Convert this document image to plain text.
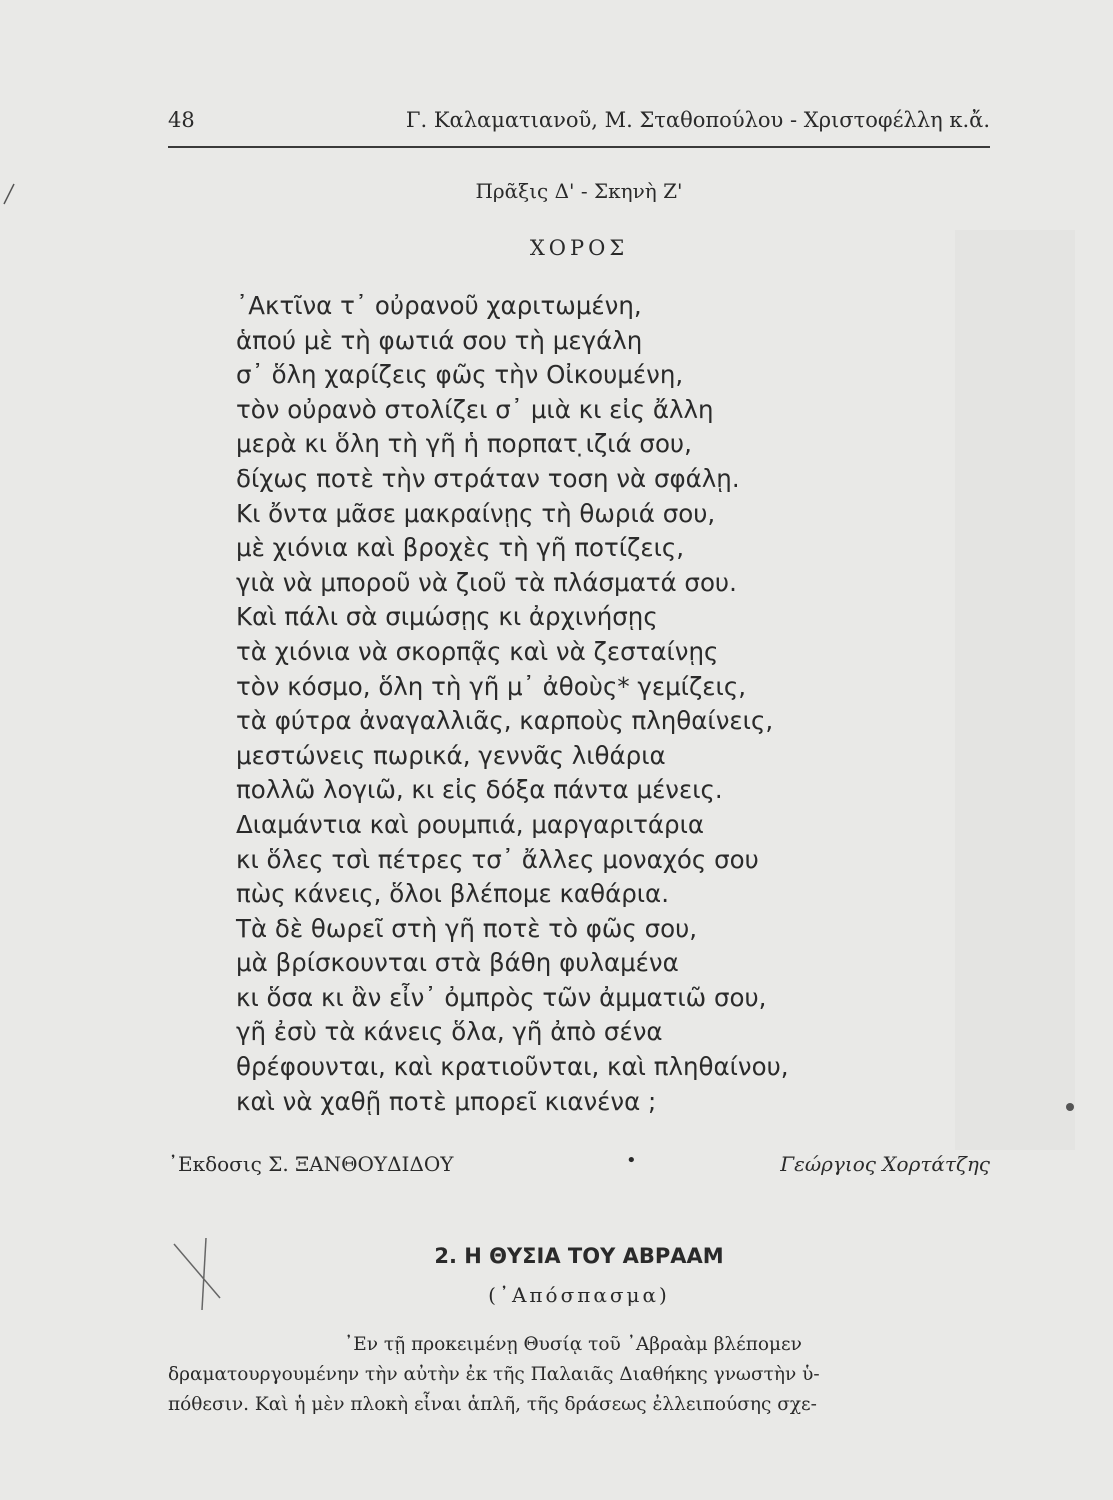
48	Γ. Καλαματιανοῦ, Μ. Σταθοπούλου - Χριστοφέλλη κ.ἄ.
Πρᾶξις Δ' - Σκηνὴ Ζ'
ΧΟΡΟΣ
᾿Ακτῖνα τ᾿ οὐρανοῦ χαριτωμένη,
ἁπού μὲ τὴ φωτιά σου τὴ μεγάλη
σ᾿ ὅλη χαρίζεις φῶς τὴν Οἰκουμένη,
τὸν οὐρανὸ στολίζει σ᾿ μιὰ κι εἰς ἄλλη
μερὰ κι ὅλη τὴ γῆ ἡ πορπατ ̣ιζιά σου,
δίχως ποτὲ τὴν στράταν τοση νὰ σφάλῃ.
Κι ὄντα μᾶσε μακραίνῃς τὴ θωριά σου,
μὲ χιόνια καὶ βροχὲς τὴ γῆ ποτίζεις,
γιὰ νὰ μπορoῦ νὰ ζιοῦ τὰ πλάσματά σου.
Καὶ πάλι σὰ σιμώσῃς κι ἀρχινήσῃς
τὰ χιόνια νὰ σκορπᾷς καὶ νὰ ζεσταίνῃς
τὸν κόσμο, ὅλη τὴ γῆ μ᾿ ἀθοὺς* γεμίζεις,
τὰ φύτρα ἀναγαλλιᾶς, καρποὺς πληθαίνεις,
μεστώνεις πωρικά, γεννᾶς λιθάρια
πολλῶ λογιῶ, κι εἰς δόξα πάντα μένεις.
Διαμάντια καὶ ρουμπιά, μαργαριτάρια
κι ὅλες τσὶ πέτρες τσ᾿ ἄλλες μοναχός σου
πὼς κάνεις, ὅλοι βλέπομε καθάρια.
Τὰ δὲ θωρεῖ στὴ γῆ ποτὲ τὸ φῶς σου,
μὰ βρίσκουνται στὰ βάθη φυλαμένα
κι ὅσα κι ἂν εἶν᾿ ὀμπρὸς τῶν ἀμματιῶ σου,
γῆ ἐσὺ τὰ κάνεις ὅλα, γῆ ἀπὸ σένα
θρέφουνται, καὶ κρατιοῦνται, καὶ πληθαίνου,
καὶ νὰ χαθῇ ποτὲ μπορεῖ κιανένα ;
᾿Εκδοσις Σ. ΞΑΝΘΟΥΔΙΔΟΥ	•	Γεώργιος Χορτάτζης
2. Η ΘΥΣΙΑ ΤΟΥ ΑΒΡΑΑΜ
(᾿Απόσπασμα)
᾿Εν τῇ προκειμένῃ Θυσίᾳ τοῦ ᾿Αβραὰμ βλέπομεν
δραματουργουμένην τὴν αὐτὴν ἐκ τῆς Παλαιᾶς Διαθήκης γνωστὴν ὑ-
πόθεσιν. Καὶ ἡ μὲν πλοκὴ εἶναι ἁπλῆ, τῆς δράσεως ἐλλειπούσης σχε-
